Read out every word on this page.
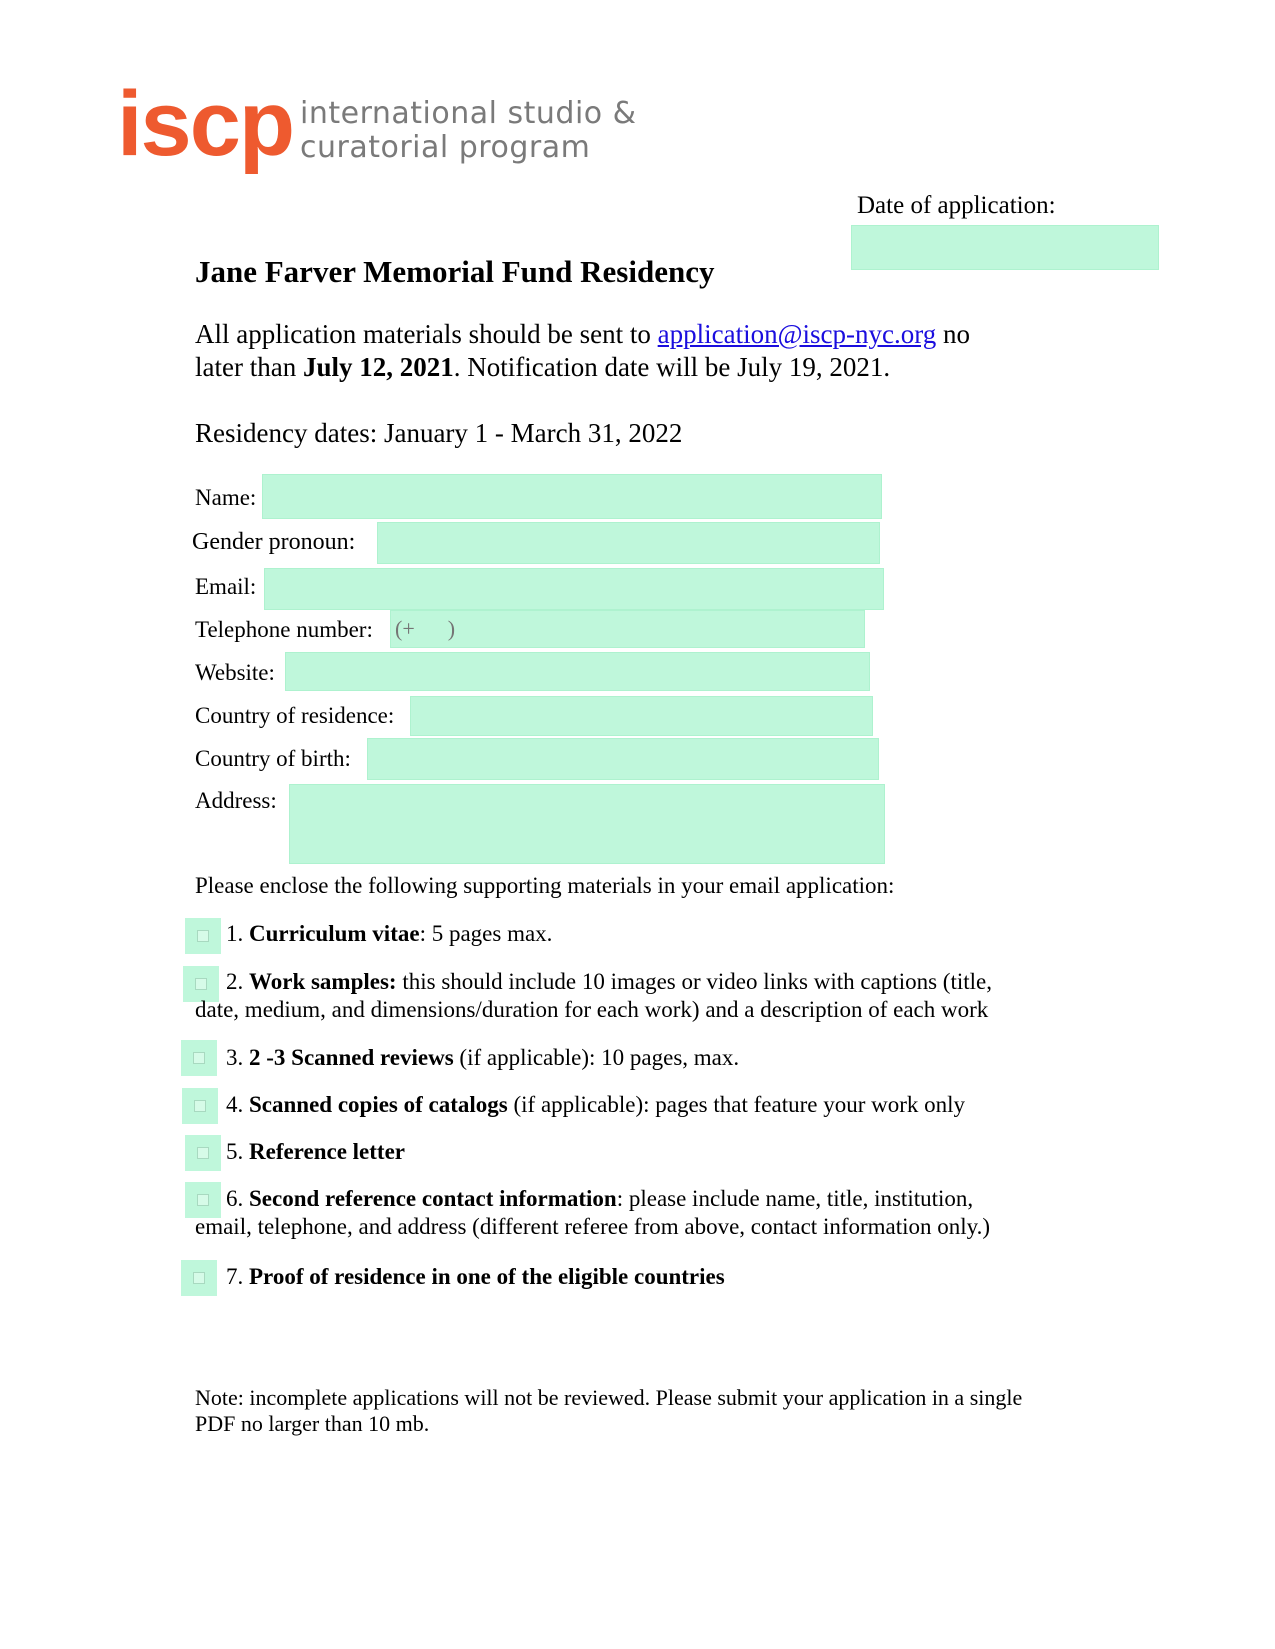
iscp international studio &
curatorial program
Date of application:
Jane Farver Memorial Fund Residency
All application materials should be sent to application@iscp-nyc.org no
later than July 12, 2021. Notification date will be July 19, 2021.
Residency dates: January 1 - March 31, 2022
Name:
Gender pronoun:
Email:
Telephone number:
(+ )
Website:
Country of residence:
Country of birth:
Address:
Please enclose the following supporting materials in your email application:
1. Curriculum vitae: 5 pages max.
2. Work samples: this should include 10 images or video links with captions (title,
date, medium, and dimensions/duration for each work) and a description of each work
3. 2 -3 Scanned reviews (if applicable): 10 pages, max.
4. Scanned copies of catalogs (if applicable): pages that feature your work only
5. Reference letter
6. Second reference contact information: please include name, title, institution,
email, telephone, and address (different referee from above, contact information only.)
7. Proof of residence in one of the eligible countries
Note: incomplete applications will not be reviewed. Please submit your application in a single
PDF no larger than 10 mb.
